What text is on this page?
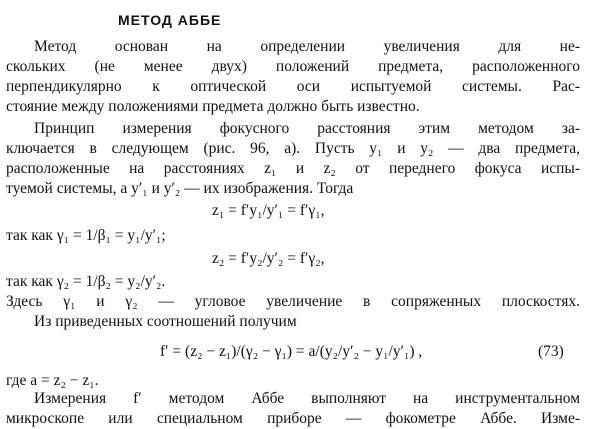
МЕТОД АББЕ
Метод основан на определении увеличения для не-
скольких (не менее двух) положений предмета, расположенного
перпендикулярно к оптической оси испытуемой системы. Рас-
стояние между положениями предмета должно быть известно.
Принцип измерения фокусного расстояния этим методом за-
ключается в следующем (рис. 96, а). Пусть y₁ и y₂ — два предмета,
расположенные на расстояниях z₁ и z₂ от переднего фокуса испы-
туемой системы, а y′₁ и y′₂ — их изображения. Тогда
z₁ = f′y₁/y′₁ = f′γ₁,
так как γ₁ = 1/β₁ = y₁/y′₁;
z₂ = f′y₂/y′₂ = f′γ₂,
так как γ₂ = 1/β₂ = y₂/y′₂.
Здесь γ₁ и γ₂ — угловое увеличение в сопряженных плоскостях.
Из приведенных соотношений получим
f′ = (z₂ − z₁)/(γ₂ − γ₁) = a/(y₂/y′₂ − y₁/y′₁) ,	(73)
где a = z₂ − z₁.
Измерения f′ методом Аббе выполняют на инструментальном
микроскопе или специальном приборе — фокометре Аббе. Изме-
